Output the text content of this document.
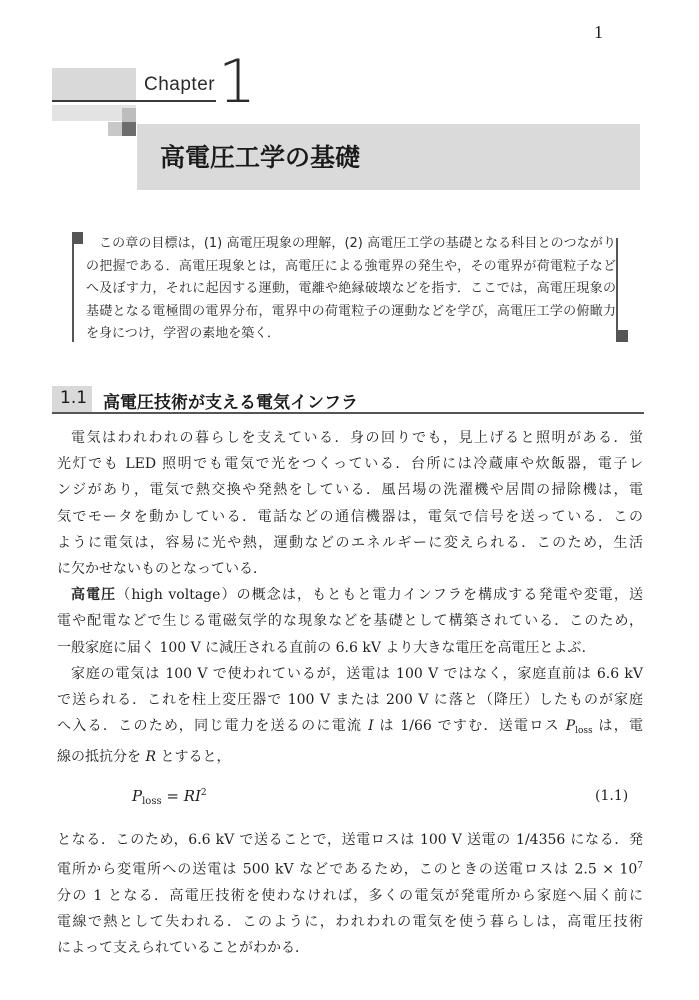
1
Chapter 1
高電圧工学の基礎
この章の目標は，(1) 高電圧現象の理解，(2) 高電圧工学の基礎となる科目とのつながりの把握である．高電圧現象とは，高電圧による強電界の発生や，その電界が荷電粒子などへ及ぼす力，それに起因する運動，電離や絶縁破壊などを指す．ここでは，高電圧現象の基礎となる電極間の電界分布，電界中の荷電粒子の運動などを学び，高電圧工学の俯瞰力を身につけ，学習の素地を築く．
1.1 高電圧技術が支える電気インフラ
電気はわれわれの暮らしを支えている．身の回りでも，見上げると照明がある．蛍
光灯でも LED 照明でも電気で光をつくっている．台所には冷蔵庫や炊飯器，電子レ
ンジがあり，電気で熱交換や発熱をしている．風呂場の洗濯機や居間の掃除機は，電
気でモータを動かしている．電話などの通信機器は，電気で信号を送っている．この
ように電気は，容易に光や熱，運動などのエネルギーに変えられる．このため，生活
に欠かせないものとなっている．
高電圧（high voltage）の概念は，もともと電力インフラを構成する発電や変電，送
電や配電などで生じる電磁気学的な現象などを基礎として構築されている．このため，
一般家庭に届く 100 V に減圧される直前の 6.6 kV より大きな電圧を高電圧とよぶ．
家庭の電気は 100 V で使われているが，送電は 100 V ではなく，家庭直前は 6.6 kV
で送られる．これを柱上変圧器で 100 V または 200 V に落と（降圧）したものが家庭
へ入る．このため，同じ電力を送るのに電流 I は 1/66 ですむ．送電ロス $P_{loss}$ は，電
線の抵抗分を R とすると，
$P_{loss} = RI^2$	(1.1)
となる．このため，6.6 kV で送ることで，送電ロスは 100 V 送電の 1/4356 になる．発
電所から変電所への送電は 500 kV などであるため，このときの送電ロスは $2.5 \times 10^7$
分の 1 となる．高電圧技術を使わなければ，多くの電気が発電所から家庭へ届く前に
電線で熱として失われる．このように，われわれの電気を使う暮らしは，高電圧技術
によって支えられていることがわかる．
